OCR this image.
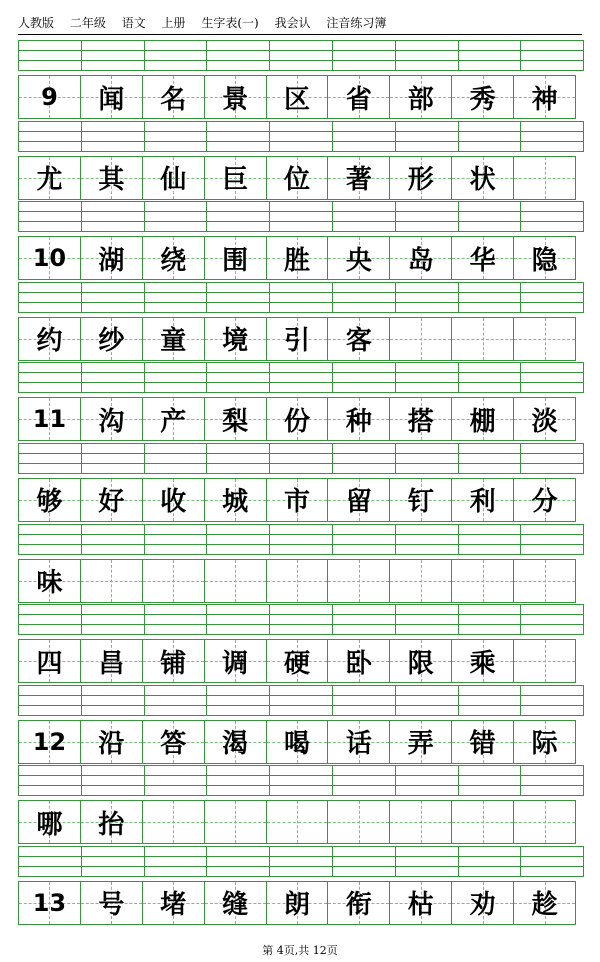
人教版 二年级 语文 上册 生字表(一) 我会认 注音练习簿
9	闻	名	景	区	省	部	秀	神
尤	其	仙	巨	位	著	形	状
10	湖	绕	围	胜	央	岛	华	隐
约	纱	童	境	引	客
11	沟	产	梨	份	种	搭	棚	淡
够	好	收	城	市	留	钉	利	分
味
四	昌	铺	调	硬	卧	限	乘
12	沿	答	渴	喝	话	弄	错	际
哪	抬
13	号	堵	缝	朗	衔	枯	劝	趁
第 4页,共 12页
